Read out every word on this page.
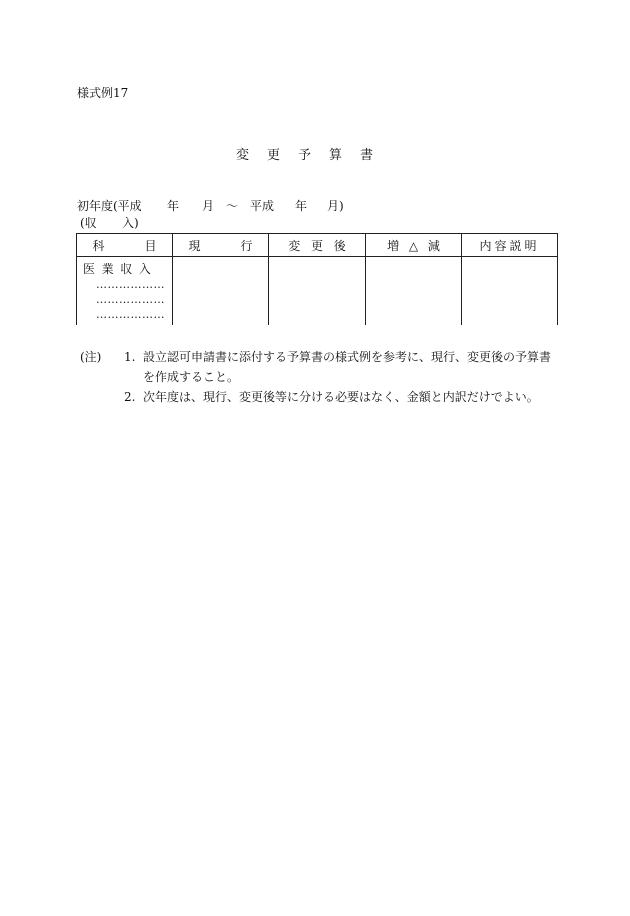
様式例17
変 更 予 算 書
初年度(平成 年 月 〜 平成 年 月)
(収 入)
科 目	現 行	変更後	増 △ 減	内容説明

医業収入
………………
………………
………………				

(注)	1. 設立認可申請書に添付する予算書の様式例を参考に、現行、変更後の予算書
を作成すること。
2. 次年度は、現行、変更後等に分ける必要はなく、金額と内訳だけでよい。
